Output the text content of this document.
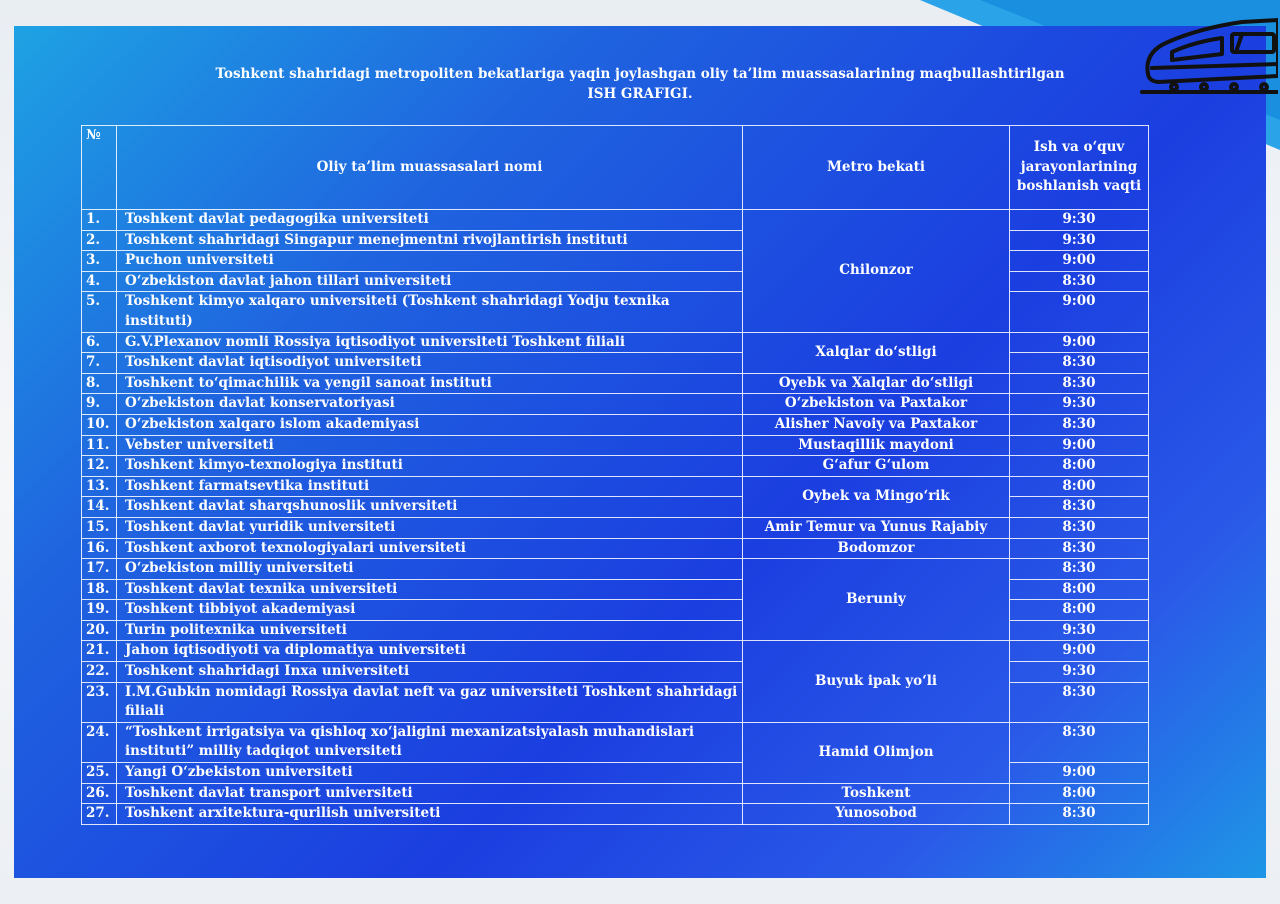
Toshkent shahridagi metropoliten bekatlariga yaqin joylashgan oliy ta’lim muassasalarining maqbullashtirilgan
ISH GRAFIGI.
№	Oliy ta’lim muassasalari nomi	Metro bekati	Ish va o‘quv jarayonlarining boshlanish vaqti
1.	Toshkent davlat pedagogika universiteti	Chilonzor	9:30
2.	Toshkent shahridagi Singapur menejmentni rivojlantirish instituti		9:30
3.	Puchon universiteti		9:00
4.	O‘zbekiston davlat jahon tillari universiteti		8:30
5.	Toshkent kimyo xalqaro universiteti (Toshkent shahridagi Yodju texnika instituti)		9:00
6.	G.V.Plexanov nomli Rossiya iqtisodiyot universiteti Toshkent filiali	Xalqlar do‘stligi	9:00
7.	Toshkent davlat iqtisodiyot universiteti		8:30
8.	Toshkent to‘qimachilik va yengil sanoat instituti	Oyebk va Xalqlar do‘stligi	8:30
9.	O‘zbekiston davlat konservatoriyasi	O‘zbekiston va Paxtakor	9:30
10.	O‘zbekiston xalqaro islom akademiyasi	Alisher Navoiy va Paxtakor	8:30
11.	Vebster universiteti	Mustaqillik maydoni	9:00
12.	Toshkent kimyo-texnologiya instituti	G‘afur G‘ulom	8:00
13.	Toshkent farmatsevtika instituti	Oybek va Mingo‘rik	8:00
14.	Toshkent davlat sharqshunoslik universiteti		8:30
15.	Toshkent davlat yuridik universiteti	Amir Temur va Yunus Rajabiy	8:30
16.	Toshkent axborot texnologiyalari universiteti	Bodomzor	8:30
17.	O‘zbekiston milliy universiteti	Beruniy	8:30
18.	Toshkent davlat texnika universiteti		8:00
19.	Toshkent tibbiyot akademiyasi		8:00
20.	Turin politexnika universiteti		9:30
21.	Jahon iqtisodiyoti va diplomatiya universiteti	Buyuk ipak yo‘li	9:00
22.	Toshkent shahridagi Inxa universiteti		9:30
23.	I.M.Gubkin nomidagi Rossiya davlat neft va gaz universiteti Toshkent shahridagi filiali		8:30
24.	“Toshkent irrigatsiya va qishloq xo‘jaligini mexanizatsiyalash muhandislari instituti” milliy tadqiqot universiteti	Hamid Olimjon	8:30
25.	Yangi O‘zbekiston universiteti		9:00
26.	Toshkent davlat transport universiteti	Toshkent	8:00
27.	Toshkent arxitektura-qurilish universiteti	Yunosobod	8:30
